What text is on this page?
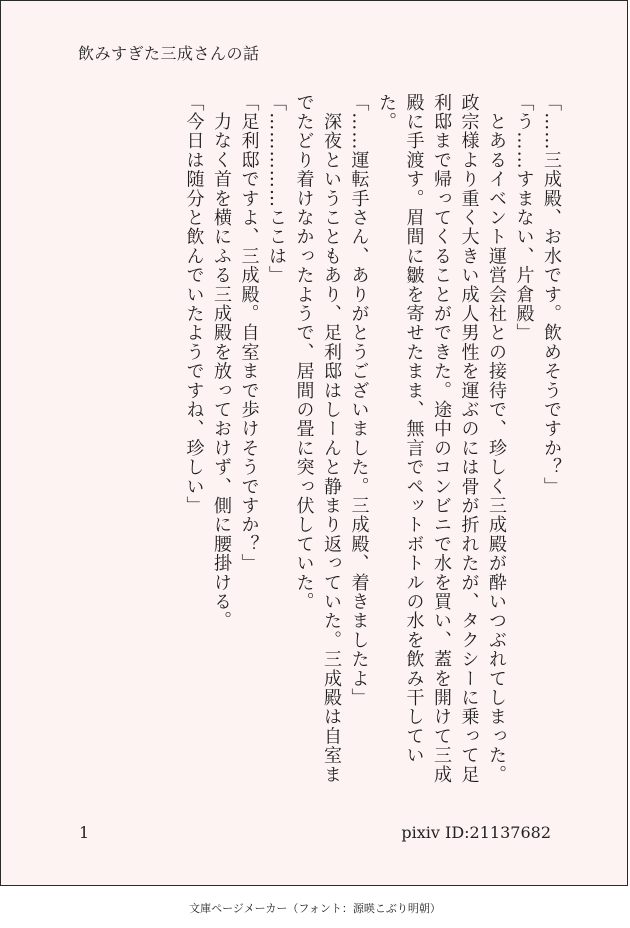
飲みすぎた三成さんの話

「……三成殿、お水です。飲めそうですか？」

「う……すまない、片倉殿」

　とあるイベント運営会社との接待で、珍しく三成殿が酔いつぶれてしまった。政宗様より重く大きい成人男性を運ぶのには骨が折れたが、タクシーに乗って足利邸まで帰ってくることができた。途中のコンビニで水を買い、蓋を開けて三成殿に手渡す。眉間に皺を寄せたまま、無言でペットボトルの水を飲み干していた。

「……運転手さん、ありがとうございました。三成殿、着きましたよ」

　深夜ということもあり、足利邸はしーんと静まり返っていた。三成殿は自室までたどり着けなかったようで、居間の畳に突っ伏していた。

「……………ここは」

「足利邸ですよ、三成殿。自室まで歩けそうですか？」

　力なく首を横にふる三成殿を放っておけず、側に腰掛ける。

「今日は随分と飲んでいたようですね、珍しい」

1	pixiv ID:21137682
文庫ページメーカー（フォント：源暎こぶり明朝）
